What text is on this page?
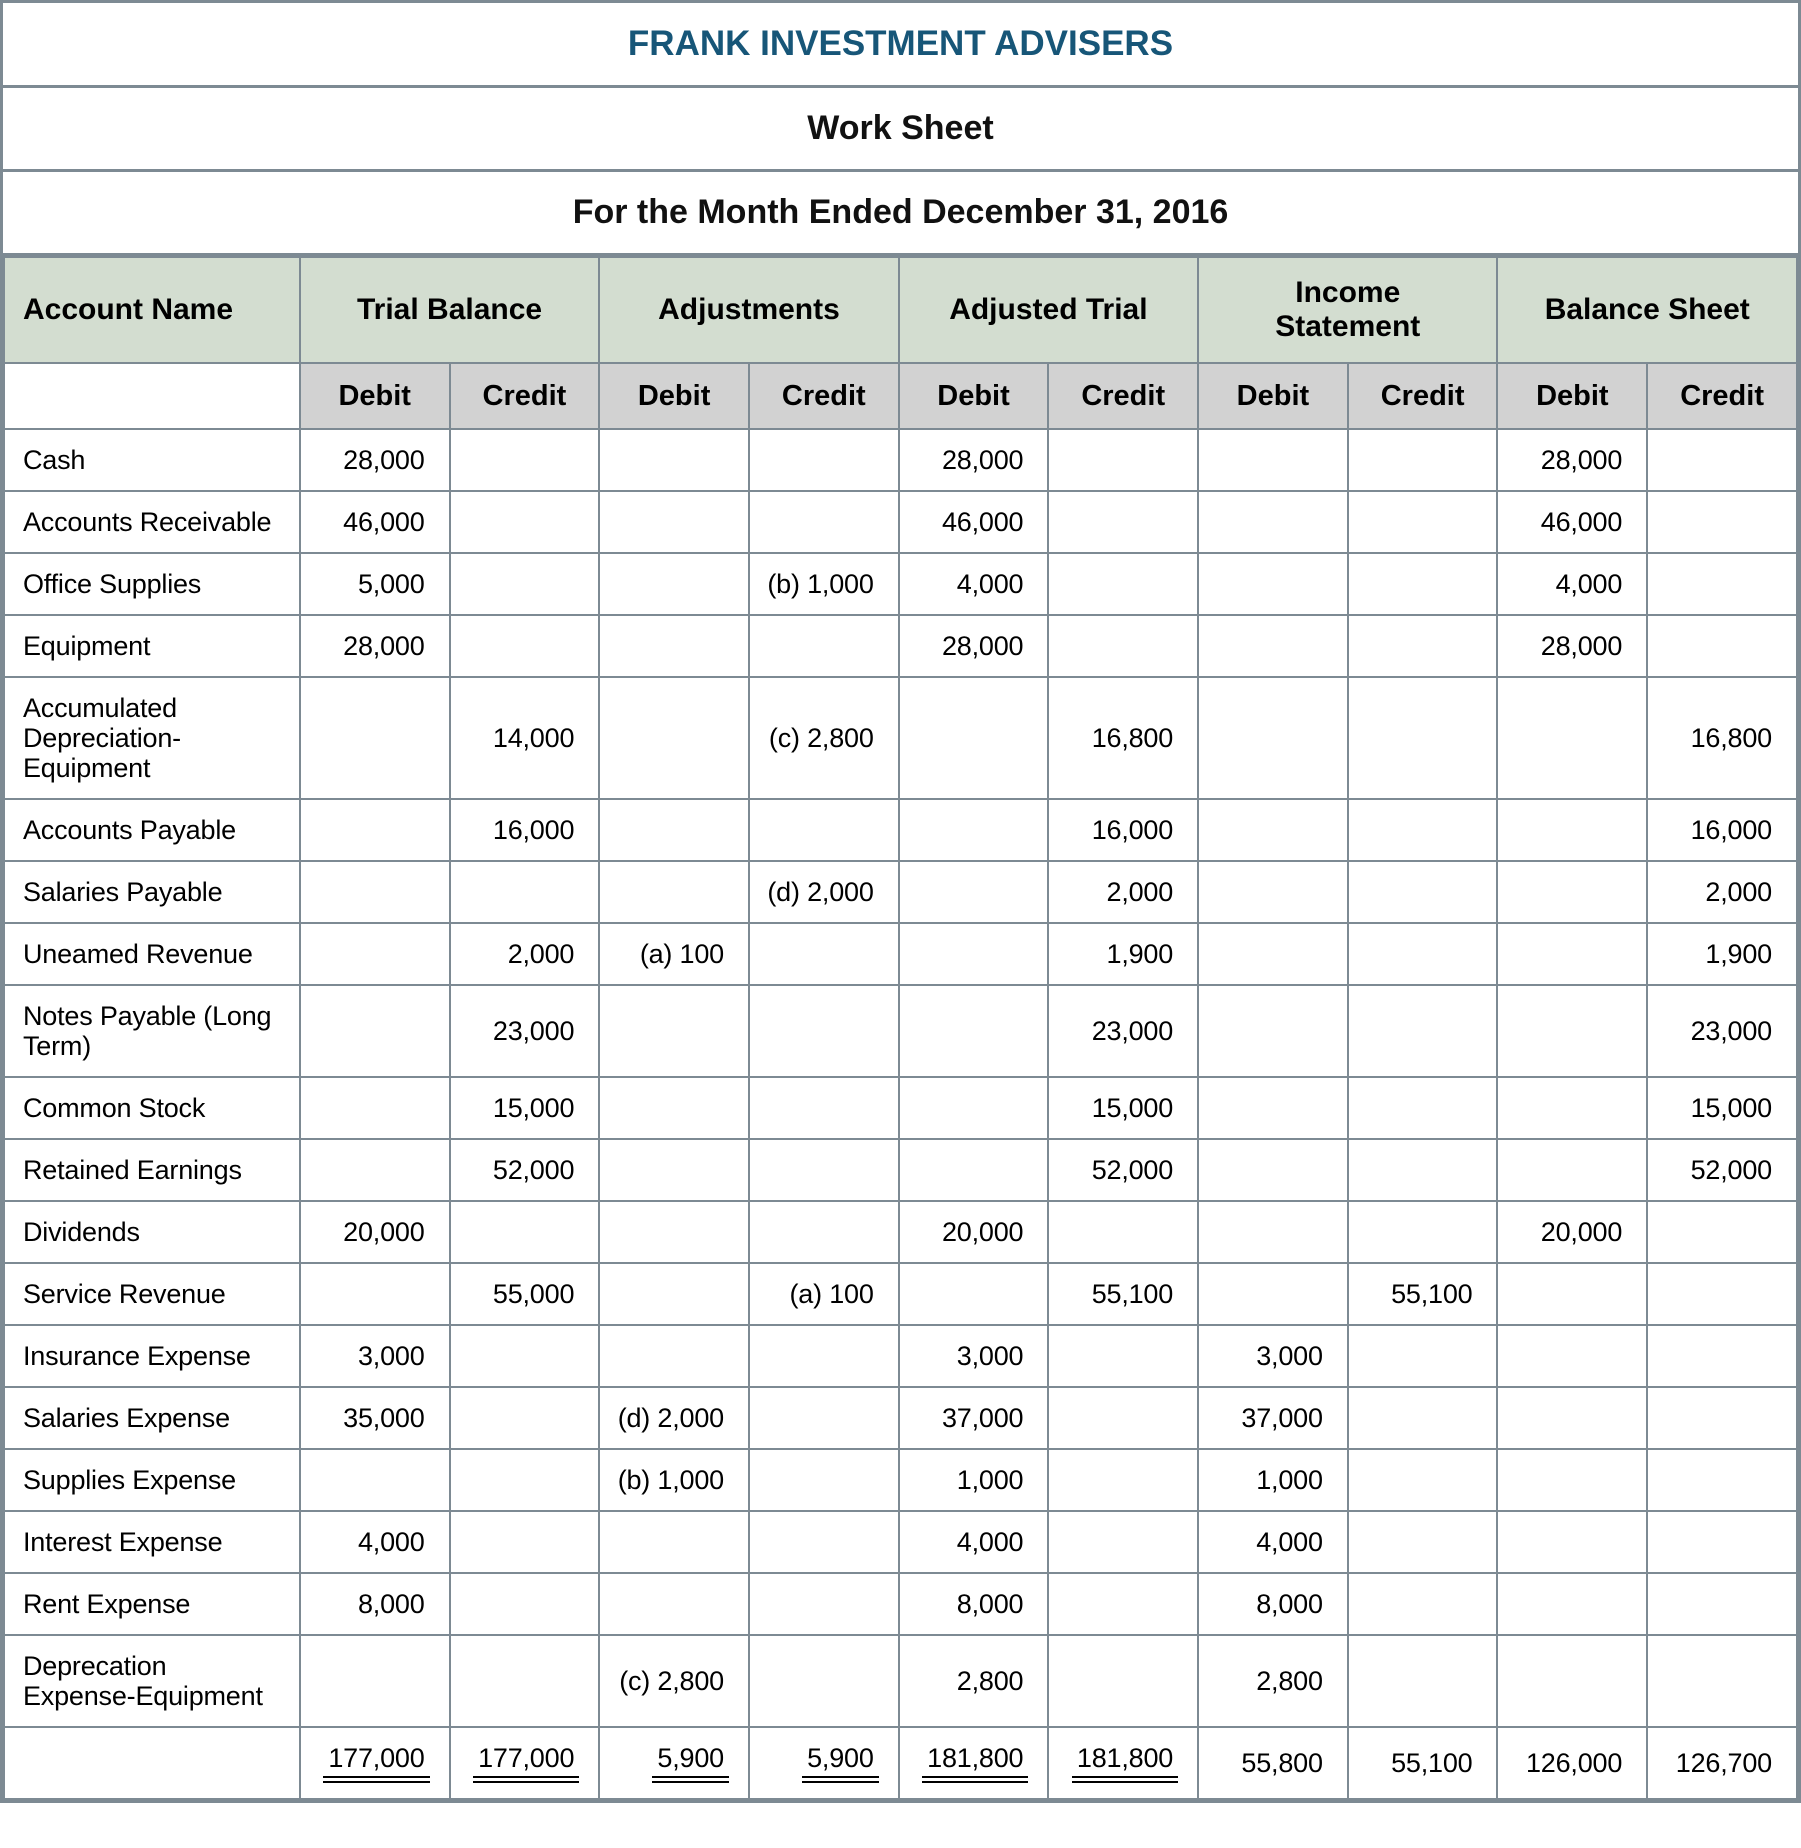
FRANK INVESTMENT ADVISERS
Work Sheet
For the Month Ended December 31, 2016
Account Name	Trial Balance		Adjustments		Adjusted Trial		Income Statement		Balance Sheet	
	Debit	Credit	Debit	Credit	Debit	Credit	Debit	Credit	Debit	Credit
Cash	28,000				28,000				28,000	
Accounts Receivable	46,000				46,000				46,000	
Office Supplies	5,000			(b) 1,000	4,000				4,000	
Equipment	28,000				28,000				28,000	
Accumulated Depreciation-Equipment		14,000		(c) 2,800		16,800				16,800
Accounts Payable		16,000				16,000				16,000
Salaries Payable				(d) 2,000		2,000				2,000
Uneamed Revenue		2,000	(a) 100			1,900				1,900
Notes Payable (Long Term)		23,000				23,000				23,000
Common Stock		15,000				15,000				15,000
Retained Earnings		52,000				52,000				52,000
Dividends	20,000				20,000				20,000	
Service Revenue		55,000		(a) 100		55,100		55,100		
Insurance Expense	3,000				3,000		3,000			
Salaries Expense	35,000		(d) 2,000		37,000		37,000			
Supplies Expense			(b) 1,000		1,000		1,000			
Interest Expense	4,000				4,000		4,000			
Rent Expense	8,000				8,000		8,000			
Deprecation Expense-Equipment			(c) 2,800		2,800		2,800			
	177,000	177,000	5,900	5,900	181,800	181,800	55,800	55,100	126,000	126,700
